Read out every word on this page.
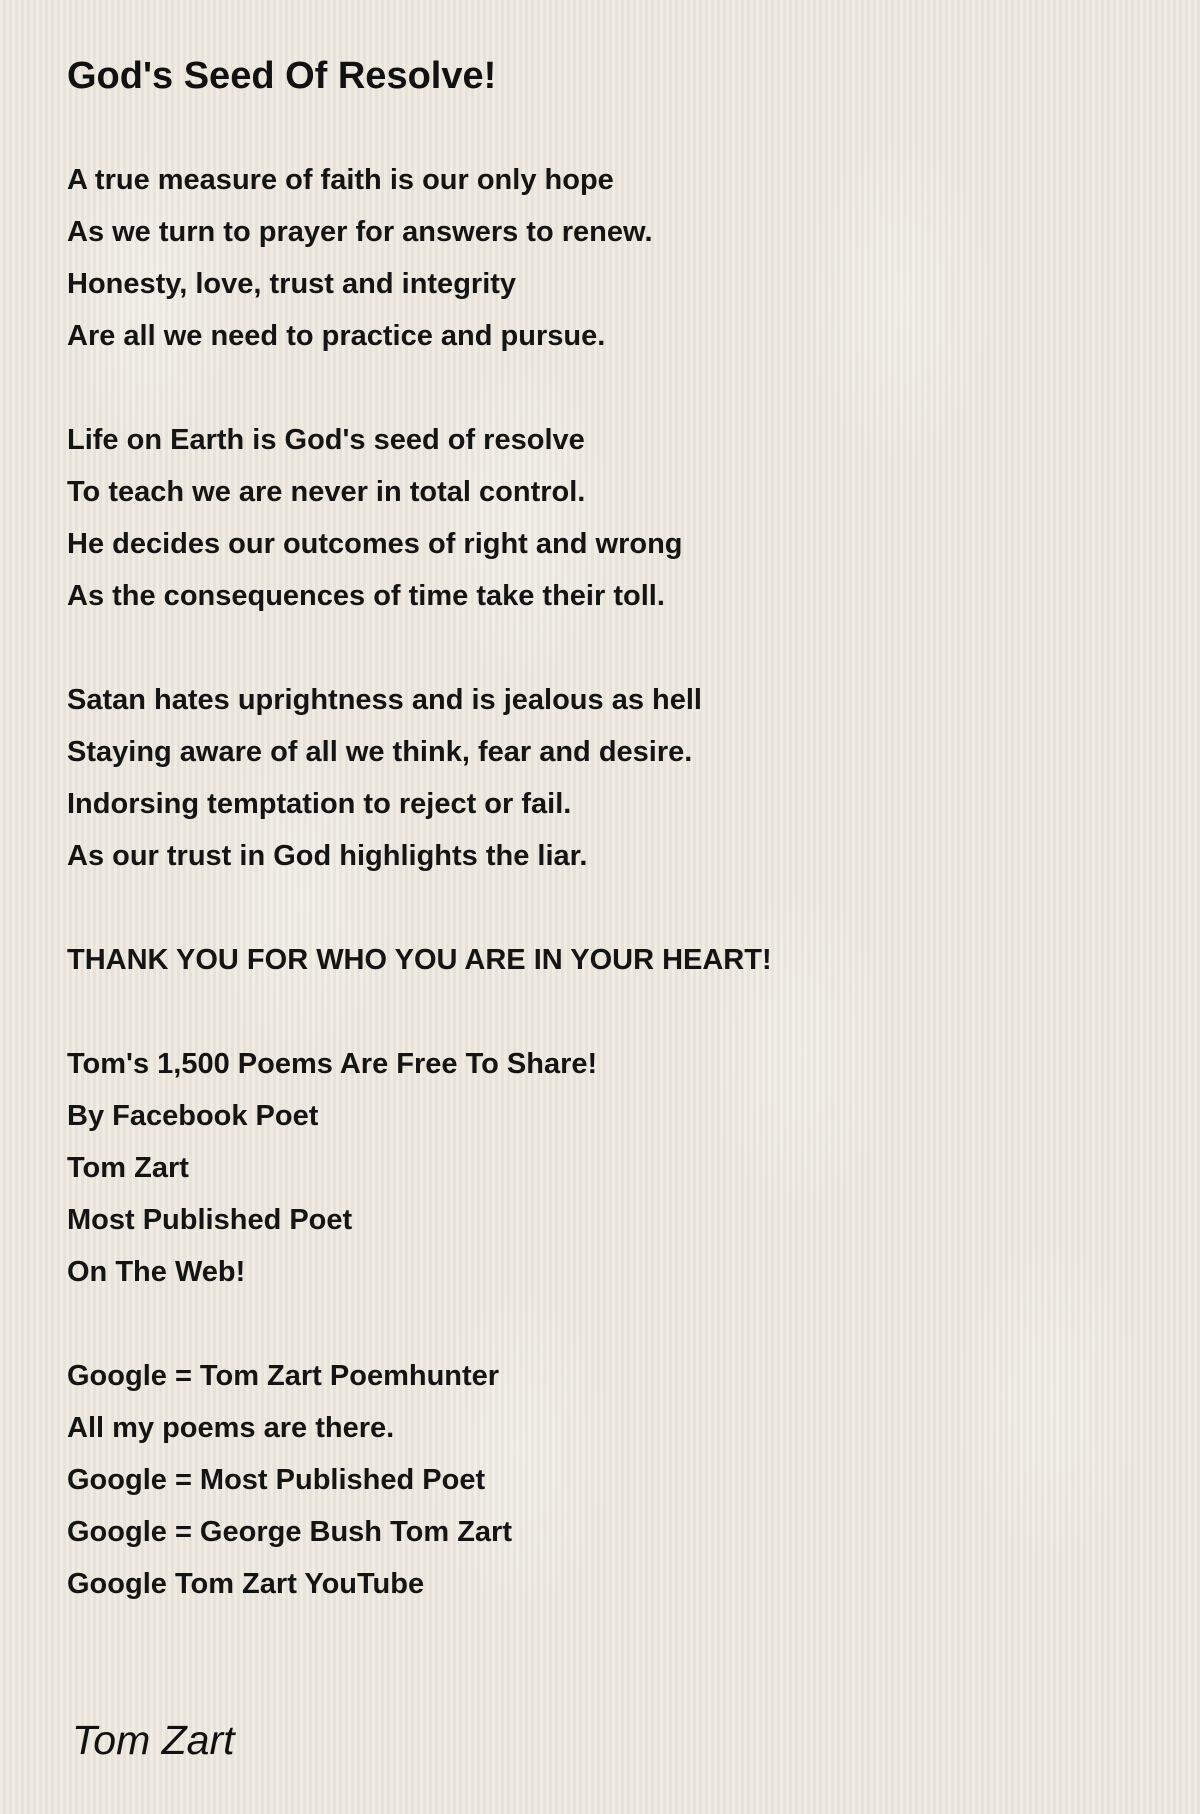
God's Seed Of Resolve!
A true measure of faith is our only hope
As we turn to prayer for answers to renew.
Honesty, love, trust and integrity
Are all we need to practice and pursue.
Life on Earth is God's seed of resolve
To teach we are never in total control.
He decides our outcomes of right and wrong
As the consequences of time take their toll.
Satan hates uprightness and is jealous as hell
Staying aware of all we think, fear and desire.
Indorsing temptation to reject or fail.
As our trust in God highlights the liar.
THANK YOU FOR WHO YOU ARE IN YOUR HEART!
Tom's 1,500 Poems Are Free To Share!
By Facebook Poet
Tom Zart
Most Published Poet
On The Web!
Google = Tom Zart Poemhunter
All my poems are there.
Google = Most Published Poet
Google = George Bush Tom Zart
Google Tom Zart YouTube
Tom Zart
